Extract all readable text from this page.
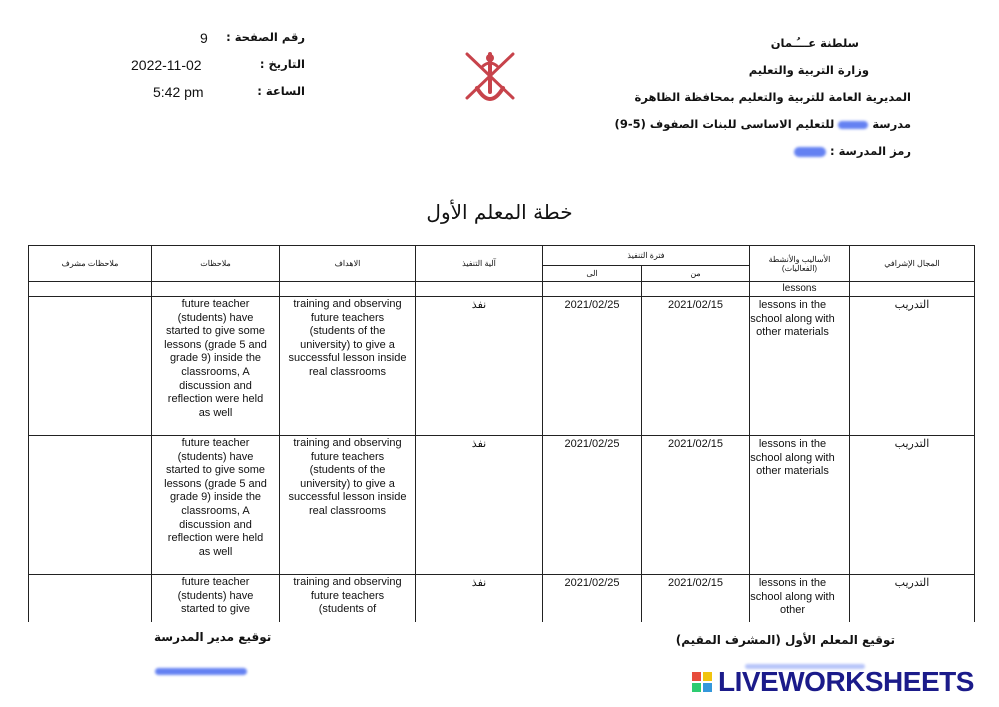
سلطنة عـــُـمان
وزارة التربية والتعليم
المديرية العامة للتربية والتعليم بمحافظة الظاهرة
مدرسة  للتعليم الاساسى للبنات الصفوف (5-9)
رمز المدرسة :
رقم الصفحة :
9
التاريخ :
2022-11-02
الساعة :
5:42 pm
خطة المعلم الأول
ملاحظات مشرف	ملاحظات	الاهداف	آلية التنفيذ	فترة التنفيذ		الأساليب والأنشطة (الفعاليات)	المجال الإشرافي
				الى	من		
						lessons	
	future teacher (students) have started to give some lessons (grade 5 and grade 9) inside the classrooms, A discussion and reflection were held as well	training and observing future teachers (students of the university) to give a successful lesson inside real classrooms	نفذ	2021/02/25	2021/02/15	lessons in the school along with other materials	التدريب
	future teacher (students) have started to give some lessons (grade 5 and grade 9) inside the classrooms, A discussion and reflection were held as well	training and observing future teachers (students of the university) to give a successful lesson inside real classrooms	نفذ	2021/02/25	2021/02/15	lessons in the school along with other materials	التدريب
	future teacher (students) have started to give	training and observing future teachers (students of	نفذ	2021/02/25	2021/02/15	lessons in the school along with other	التدريب
توقيع المعلم الأول (المشرف المقيم)
توقيع مدير المدرسة
LIVEWORKSHEETS
